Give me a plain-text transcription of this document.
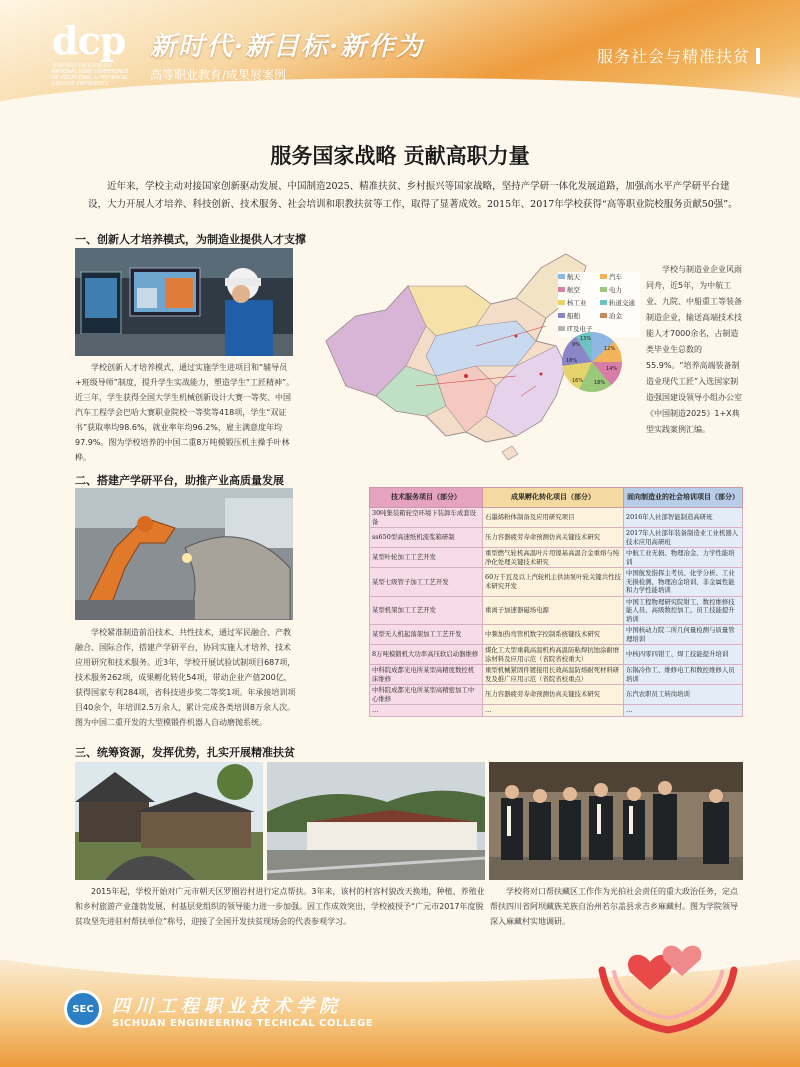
dcp
全国高职高专校长联席会议 NATIONAL JOINT CONFERENCE OF VOCATIONAL & TECHNICAL COLLEGE PRESIDENTS
新时代·新目标·新作为
高等职业教育/成果展案例
服务社会与精准扶贫
服务国家战略 贡献高职力量
近年来，学校主动对接国家创新驱动发展、中国制造2025、精准扶贫、乡村振兴等国家战略，坚持产学研一体化发展道路，加强高水平产学研平台建设，大力开展人才培养、科技创新、技术服务、社会培训和职教扶贫等工作，取得了显著成效。2015年、2017年学校获得“高等职业院校服务贡献50强”。
一、创新人才培养模式，为制造业提供人才支撑
学校创新人才培养模式，通过实施学生进项目和“辅导员+班级导师”制度，提升学生实战能力，塑造学生“工匠精神”。近三年，学生获得全国大学生机械创新设计大赛一等奖、中国汽车工程学会巴哈大赛职业院校一等奖等418项，学生“双证书”获取率均98.6%，就业率年均96.2%，雇主满意度年均97.9%。图为学校培养的中国二重8万吨模锻压机主操手叶林桦。
航天	汽车
航空	电力
核工业	轨道交通
船舶	冶金
IT及电子
13%
12%
14%
18%
16%
18%
9%
学校与制造业企业风雨同舟，近5年，为中航工业、九院、中船重工等装备制造企业，输送高端技术技能人才7000余名，占制造类毕业生总数的55.9%。“培养高端装备制造业现代工匠”入选国家制造强国建设领导小组办公室《中国制造2025》1+X典型实践案例汇编。
二、搭建产学研平台，助推产业高质量发展
学校紧准制造前沿技术、共性技术，通过军民融合、产教融合、国际合作，搭建产学研平台，协同实施人才培养、技术应用研究和技术服务。近3年，学校开展试验试制项目687项，技术服务262项，成果孵化转化54项，带动企业产值200亿，获得国家专利284项，省科技进步奖二等奖1项。年承接培训项目40余个，年培训2.5万余人，累计完成各类培训8万余人次。图为中国二重开发的大型模锻件机器人自动磨抛系统。
技术服务项目（部分）	成果孵化转化项目（部分）	面向制造业的社会培训项目（部分）
30吨集装箱轮空环境下装卸车成套设备	石墨烯粉体制备及应用研究项目	2016年人社部智能制造高研班
ss650型高速纸机流浆箱研制	压力容器疲劳寿命预测仿真关键技术研究	2017年人社部年装备制造业工业机器人技术应用高研班
某型叶轮加工工艺开发	重型燃气轮机高温叶片用镍基高温合金重熔与纯净化处理关键技术研究	中航工业无损、物理冶金、力学性能培训
某型七级管子加工工艺开发	60万千瓦及以上汽轮机主供油泵叶轮关键共性技术研究开发	中国航发指挥主考员、化学分析、工业无损检测、物理冶金培训、非金属性能和力学性能培训
某型机架加工工艺开发	重离子加速器磁场电源	中国工程物理研究院钳工、数控维修技能人员、高级数控加工、员工技能提升培训
某型无人机起落架加工工艺开发	中频加热弯管机数字控制系统键技术研究	中国核动力院二所几何量检测与质量管理培训
8万吨模锻机大功率高压软启动器维修	煤化工大型重载高温机构高温防粘焊抗蚀涂耐磨涂材料及应用示范（省院省校重大）	中核四零四钳工、焊工技能提升培训
中科院成都光电所某型高精度数控机床维修	重型机械紧固件镀接用长效高温防熔耐死材料研发及推广应用示范（省院省校重点）	东锅冷作工、维修电工和数控维修人员培训
中科院成都光电所某型高精密加工中心维修	压力容器疲劳寿命预测仿真关键技术研究	东汽农职员工转岗培训
…	…	…
三、统筹资源，发挥优势，扎实开展精准扶贫
2015年起，学校开始对广元市朝天区罗圈岩村进行定点帮扶。3年来，该村的村容村貌改天换地，种植、养殖业和乡村旅游产业蓬勃发展，村基层党组织的领导能力进一步加强。因工作成效突出，学校被授予“广元市2017年度脱贫攻坚先进驻村帮扶单位”称号，迎接了全国开发扶贫现场会的代表参观学习。
学校将对口帮扶藏区工作作为光拍社会责任的重大政治任务，定点帮扶四川省阿坝藏族羌族自治州若尔盖县求吉乡麻藏村。图为学院领导深入麻藏村实地调研。
SEC	四川工程职业技术学院
SICHUAN ENGINEERING TECHICAL COLLEGE
